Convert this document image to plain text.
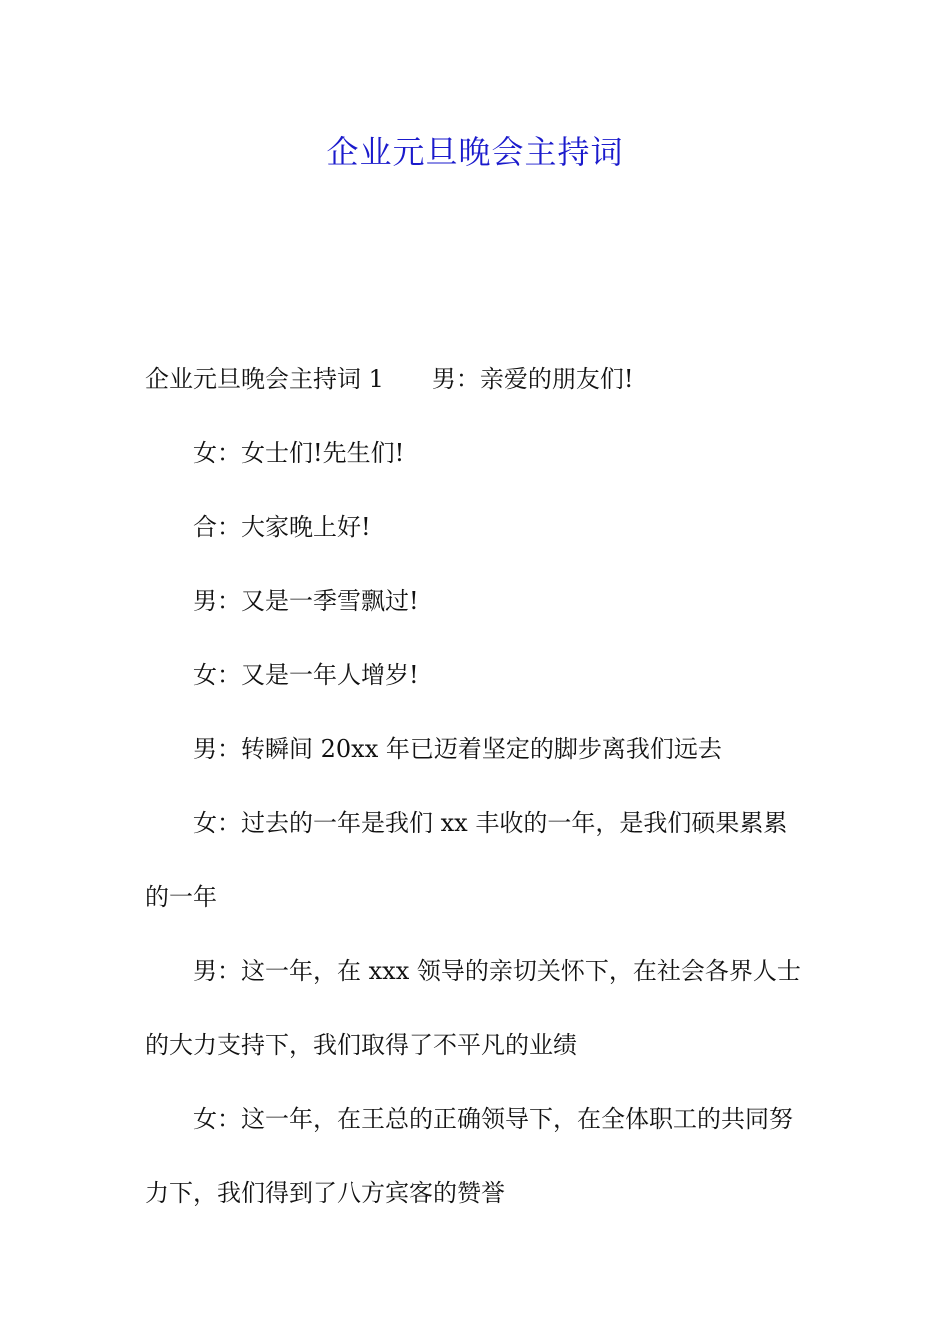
企业元旦晚会主持词

企业元旦晚会主持词 1 男：亲爱的朋友们!

女：女士们!先生们!

合：大家晚上好!

男：又是一季雪飘过!

女：又是一年人增岁!

男：转瞬间 20xx 年已迈着坚定的脚步离我们远去

女：过去的一年是我们 xx 丰收的一年，是我们硕果累累的一年

男：这一年，在 xxx 领导的亲切关怀下，在社会各界人士的大力支持下，我们取得了不平凡的业绩

女：这一年，在王总的正确领导下，在全体职工的共同努力下，我们得到了八方宾客的赞誉
